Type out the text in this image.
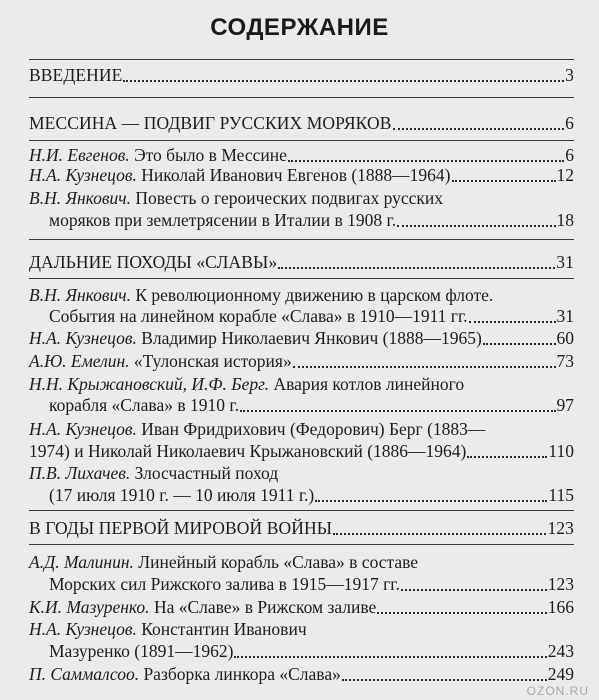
СОДЕРЖАНИЕ
ВВЕДЕНИЕ	3
МЕССИНА — ПОДВИГ РУССКИХ МОРЯКОВ	6
Н.И. Евгенов. Это было в Мессине	6
Н.А. Кузнецов. Николай Иванович Евгенов (1888—1964)	12
В.Н. Янкович. Повесть о героических подвигах русских
моряков при землетрясении в Италии в 1908 г.	18
ДАЛЬНИЕ ПОХОДЫ «СЛАВЫ»	31
В.Н. Янкович. К революционному движению в царском флоте.
События на линейном корабле «Слава» в 1910—1911 гг.	31
Н.А. Кузнецов. Владимир Николаевич Янкович (1888—1965)	60
А.Ю. Емелин. «Тулонская история»	73
Н.Н. Крыжановский, И.Ф. Берг. Авария котлов линейного
корабля «Слава» в 1910 г.	97
Н.А. Кузнецов. Иван Фридрихович (Федорович) Берг (1883—
1974) и Николай Николаевич Крыжановский (1886—1964)	110
П.В. Лихачев. Злосчастный поход
(17 июля 1910 г. — 10 июля 1911 г.)	115
В ГОДЫ ПЕРВОЙ МИРОВОЙ ВОЙНЫ	123
А.Д. Малинин. Линейный корабль «Слава» в составе
Морских сил Рижского залива в 1915—1917 гг.	123
К.И. Мазуренко. На «Славе» в Рижском заливе	166
Н.А. Кузнецов. Константин Иванович
Мазуренко (1891—1962)	243
П. Саммалсоо. Разборка линкора «Слава»	249
OZON.RU
